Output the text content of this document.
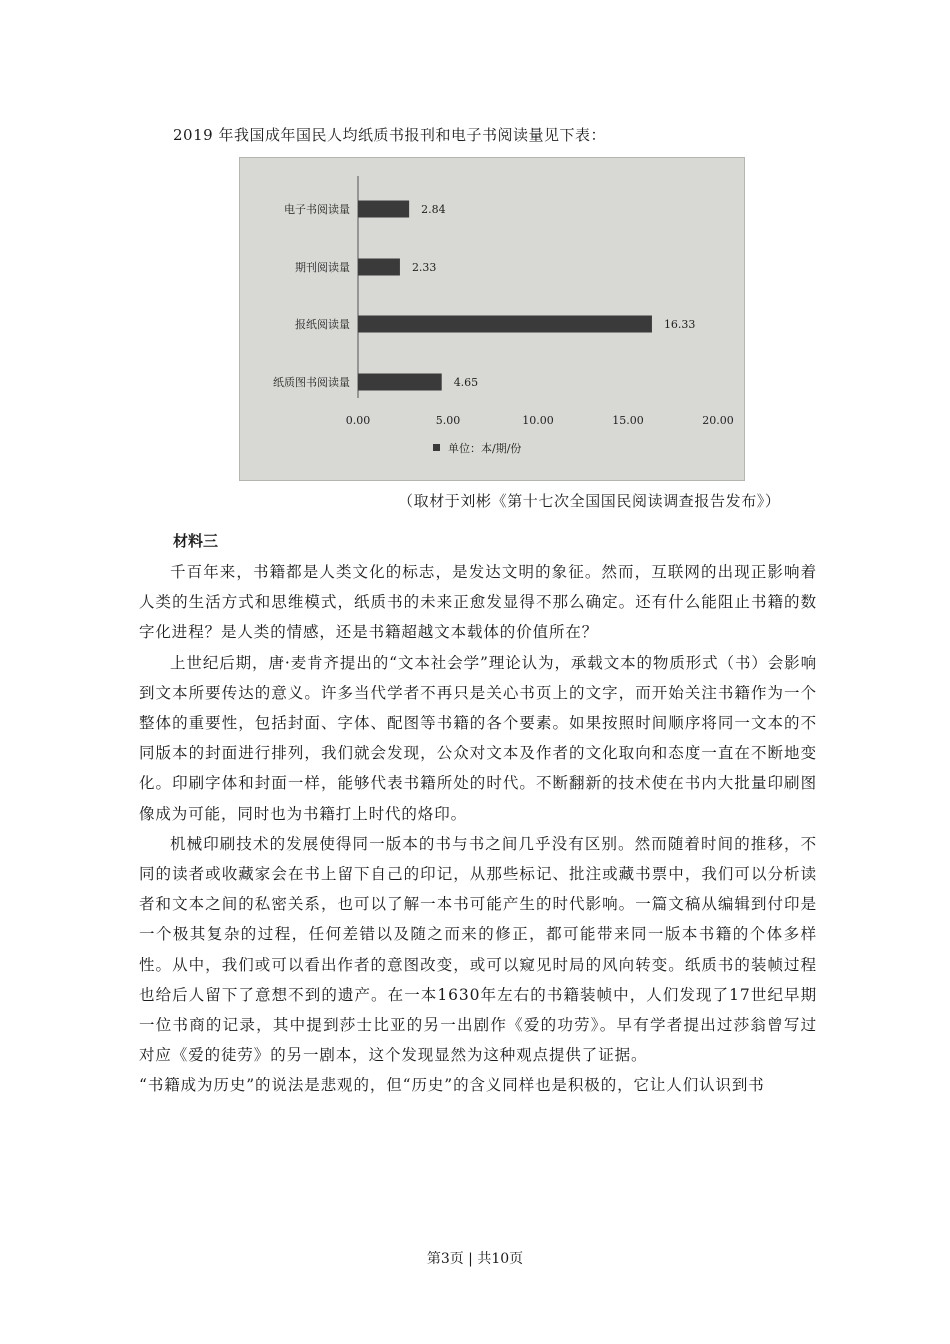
2019 年我国成年国民人均纸质书报刊和电子书阅读量见下表：

电子书阅读量	2.84
期刊阅读量	2.33
报纸阅读量	16.33
纸质图书阅读量	4.65
0.00	5.00	10.00	15.00	20.00
单位：本/期/份

（取材于刘彬《第十七次全国国民阅读调查报告发布》）

材料三

千百年来，书籍都是人类文化的标志，是发达文明的象征。然而，互联网的出现正影响着人类的生活方式和思维模式，纸质书的未来正愈发显得不那么确定。还有什么能阻止书籍的数字化进程？是人类的情感，还是书籍超越文本载体的价值所在？

上世纪后期，唐·麦肯齐提出的“文本社会学”理论认为，承载文本的物质形式（书）会影响到文本所要传达的意义。许多当代学者不再只是关心书页上的文字，而开始关注书籍作为一个整体的重要性，包括封面、字体、配图等书籍的各个要素。如果按照时间顺序将同一文本的不同版本的封面进行排列，我们就会发现，公众对文本及作者的文化取向和态度一直在不断地变化。印刷字体和封面一样，能够代表书籍所处的时代。不断翻新的技术使在书内大批量印刷图像成为可能，同时也为书籍打上时代的烙印。

机械印刷技术的发展使得同一版本的书与书之间几乎没有区别。然而随着时间的推移，不同的读者或收藏家会在书上留下自己的印记，从那些标记、批注或藏书票中，我们可以分析读者和文本之间的私密关系，也可以了解一本书可能产生的时代影响。一篇文稿从编辑到付印是一个极其复杂的过程，任何差错以及随之而来的修正，都可能带来同一版本书籍的个体多样性。从中，我们或可以看出作者的意图改变，或可以窥见时局的风向转变。纸质书的装帧过程也给后人留下了意想不到的遗产。在一本1630年左右的书籍装帧中，人们发现了17世纪早期一位书商的记录，其中提到莎士比亚的另一出剧作《爱的功劳》。早有学者提出过莎翁曾写过对应《爱的徒劳》的另一剧本，这个发现显然为这种观点提供了证据。

“书籍成为历史”的说法是悲观的，但“历史”的含义同样也是积极的，它让人们认识到书

第3页 | 共10页
